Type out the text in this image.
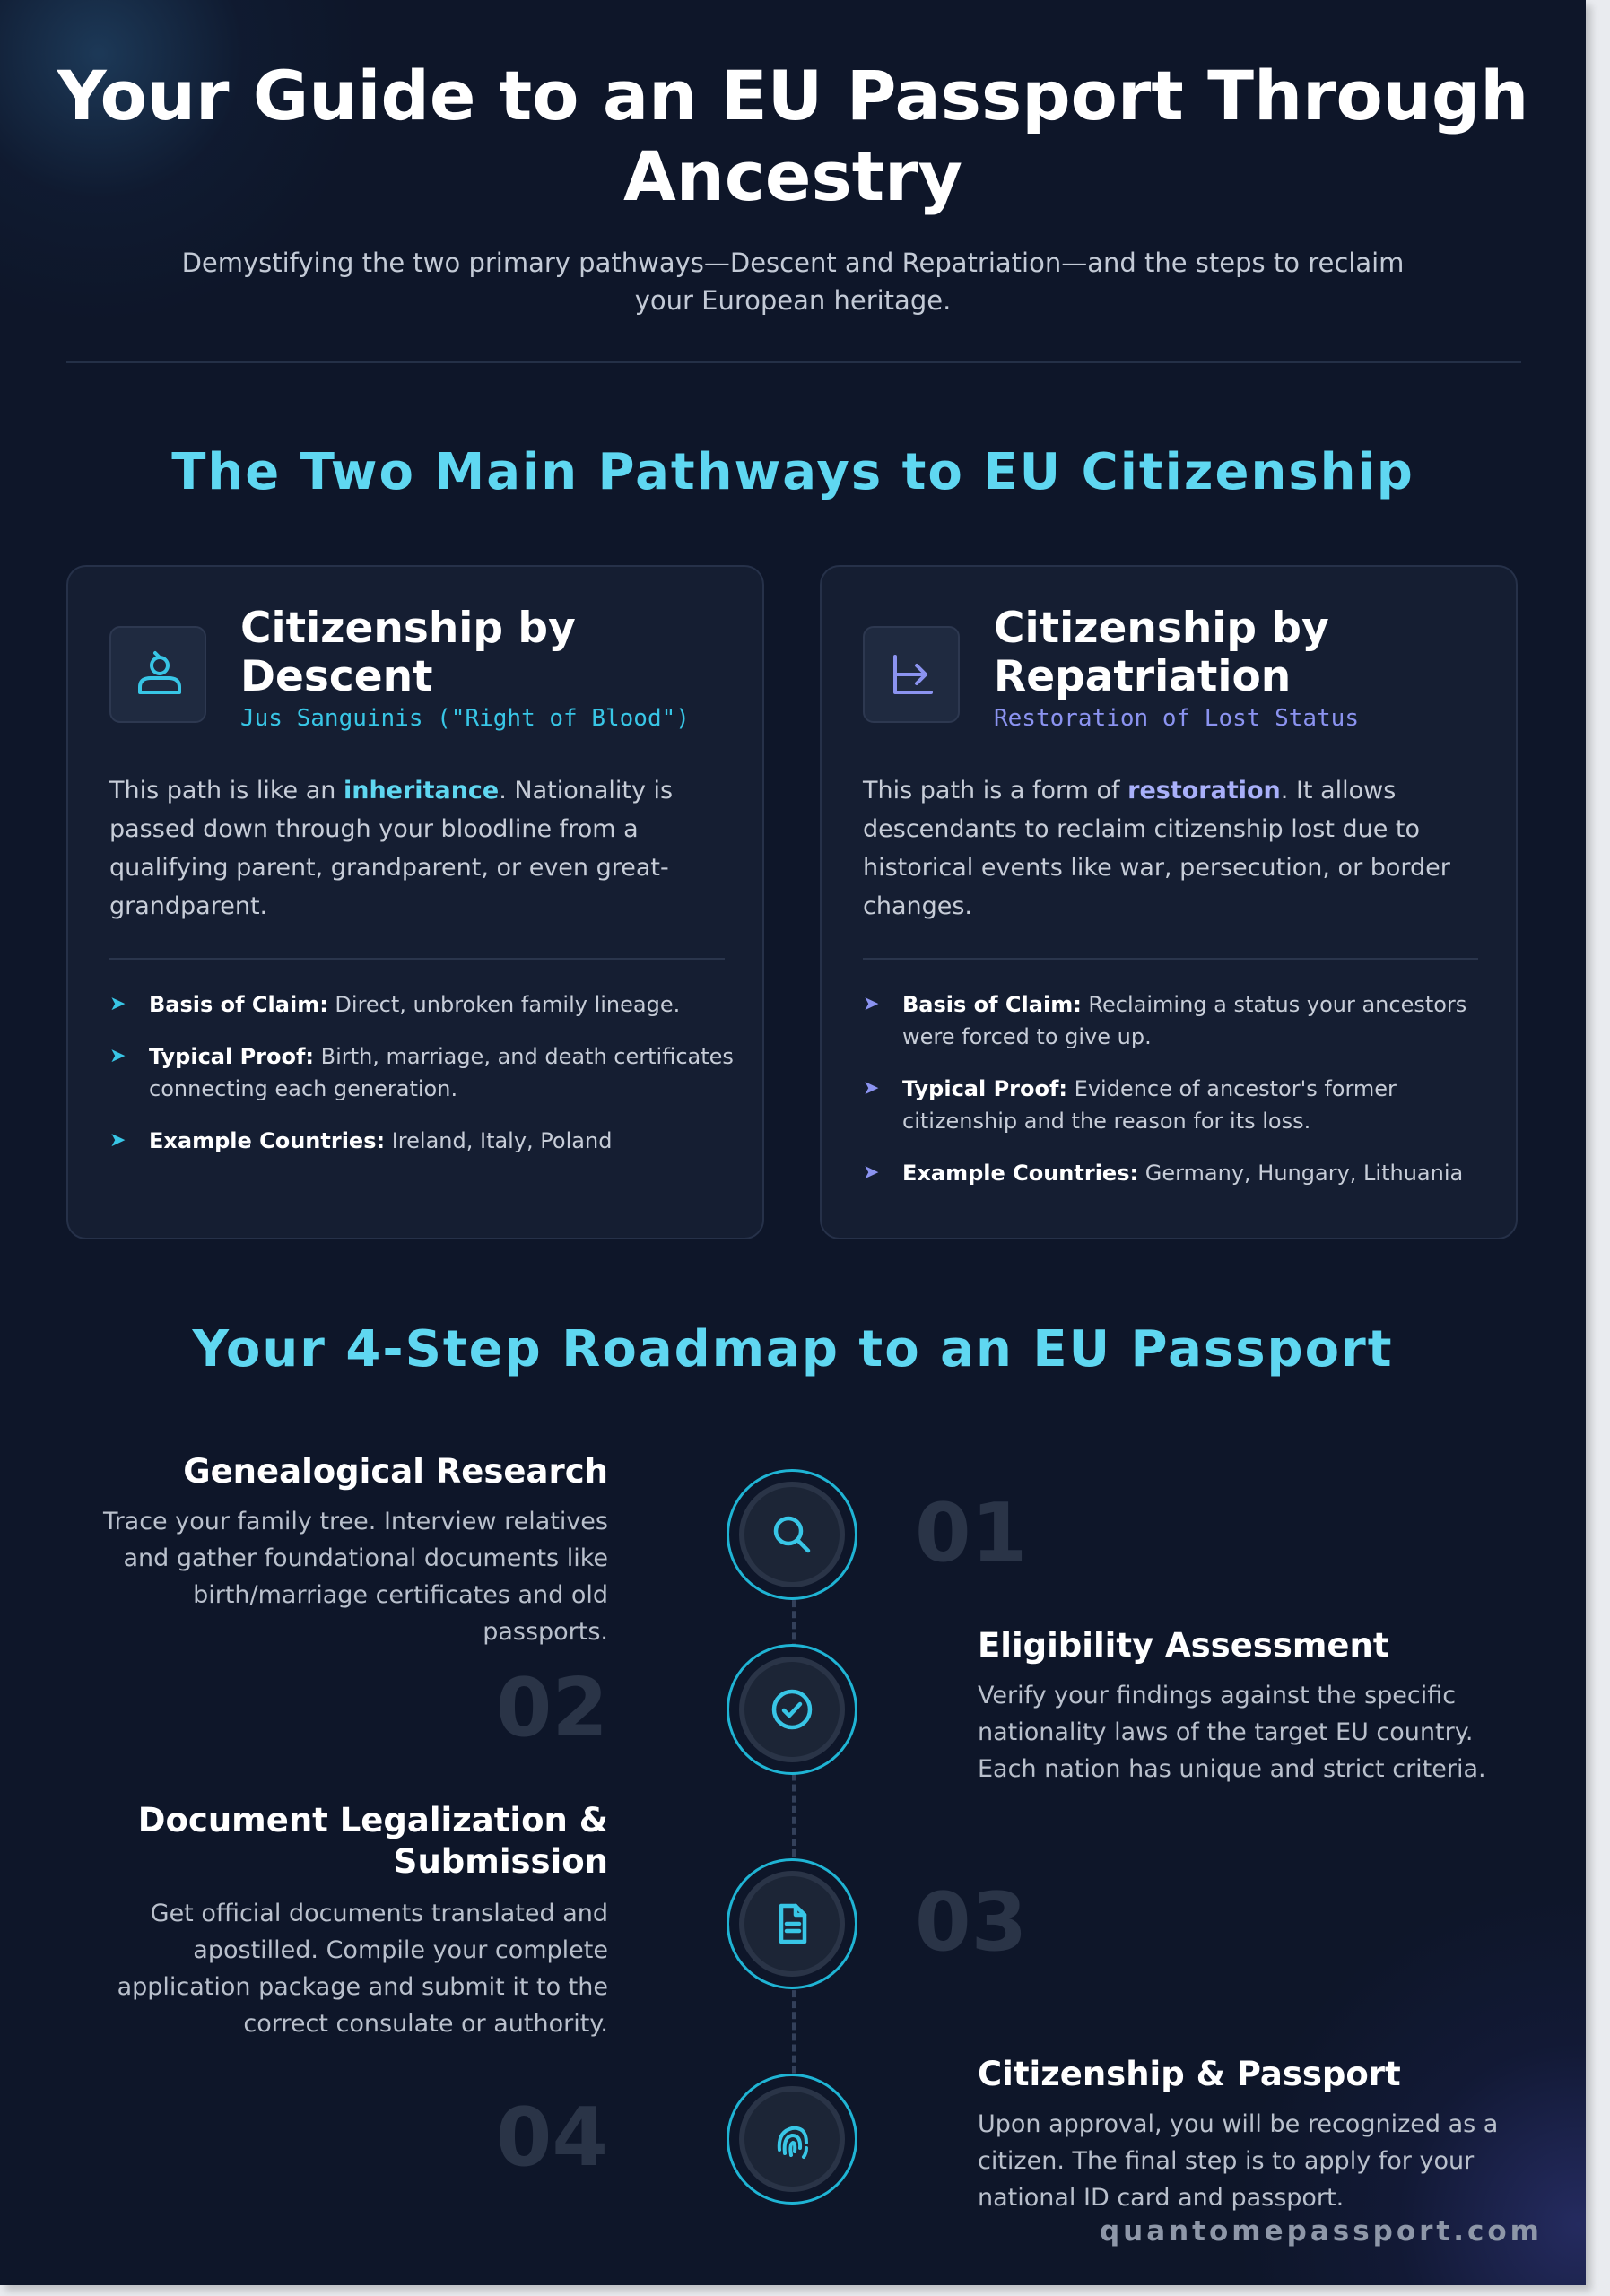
Your Guide to an EU Passport Through Ancestry

Demystifying the two primary pathways—Descent and Repatriation—and the steps to reclaim your European heritage.

The Two Main Pathways to EU Citizenship
Citizenship by Descent
Jus Sanguinis ("Right of Blood")
This path is like an inheritance. Nationality is passed down through your bloodline from a qualifying parent, grandparent, or even great-grandparent.
➤ Basis of Claim: Direct, unbroken family lineage.
➤ Typical Proof: Birth, marriage, and death certificates connecting each generation.
➤ Example Countries: Ireland, Italy, Poland
Citizenship by Repatriation
Restoration of Lost Status
This path is a form of restoration. It allows descendants to reclaim citizenship lost due to historical events like war, persecution, or border changes.
➤ Basis of Claim: Reclaiming a status your ancestors were forced to give up.
➤ Typical Proof: Evidence of ancestor's former citizenship and the reason for its loss.
➤ Example Countries: Germany, Hungary, Lithuania
Your 4-Step Roadmap to an EU Passport
Genealogical Research
Trace your family tree. Interview relatives and gather foundational documents like birth/marriage certificates and old passports.
01
02
Eligibility Assessment
Verify your findings against the specific nationality laws of the target EU country. Each nation has unique and strict criteria.
Document Legalization & Submission
Get official documents translated and apostilled. Compile your complete application package and submit it to the correct consulate or authority.
03
04
Citizenship & Passport
Upon approval, you will be recognized as a citizen. The final step is to apply for your national ID card and passport.
quantomepassport.com
